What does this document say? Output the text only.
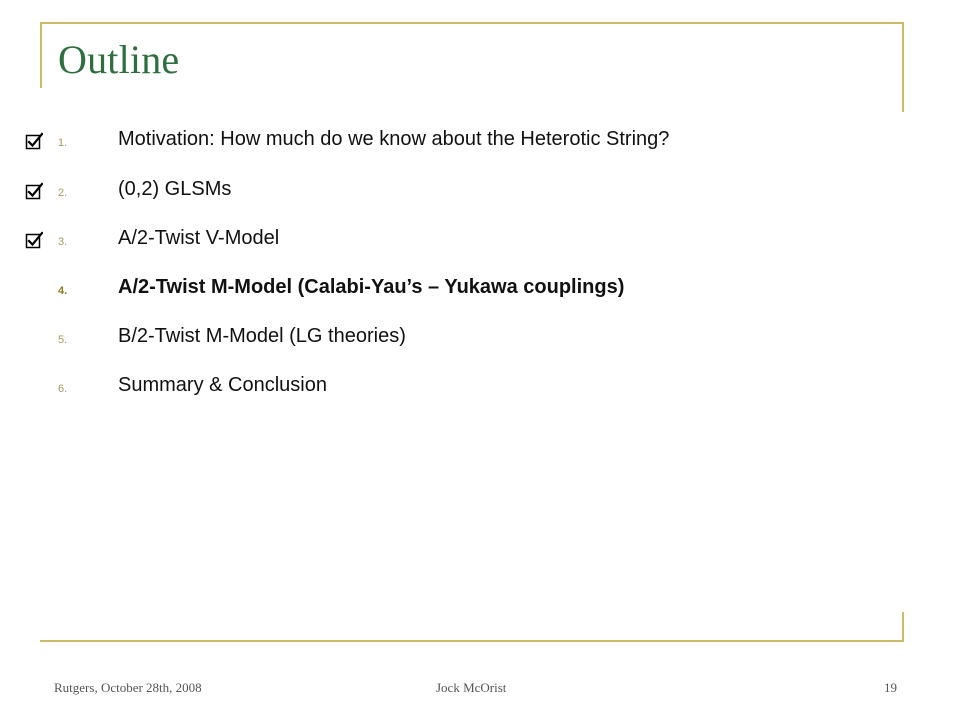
Outline
1.	Motivation: How much do we know about the Heterotic String?
2.	(0,2) GLSMs
3.	A/2-Twist V-Model
4.	A/2-Twist M-Model (Calabi-Yau’s – Yukawa couplings)
5.	B/2-Twist M-Model (LG theories)
6.	Summary & Conclusion
Rutgers, October 28th, 2008	Jock McOrist	19
